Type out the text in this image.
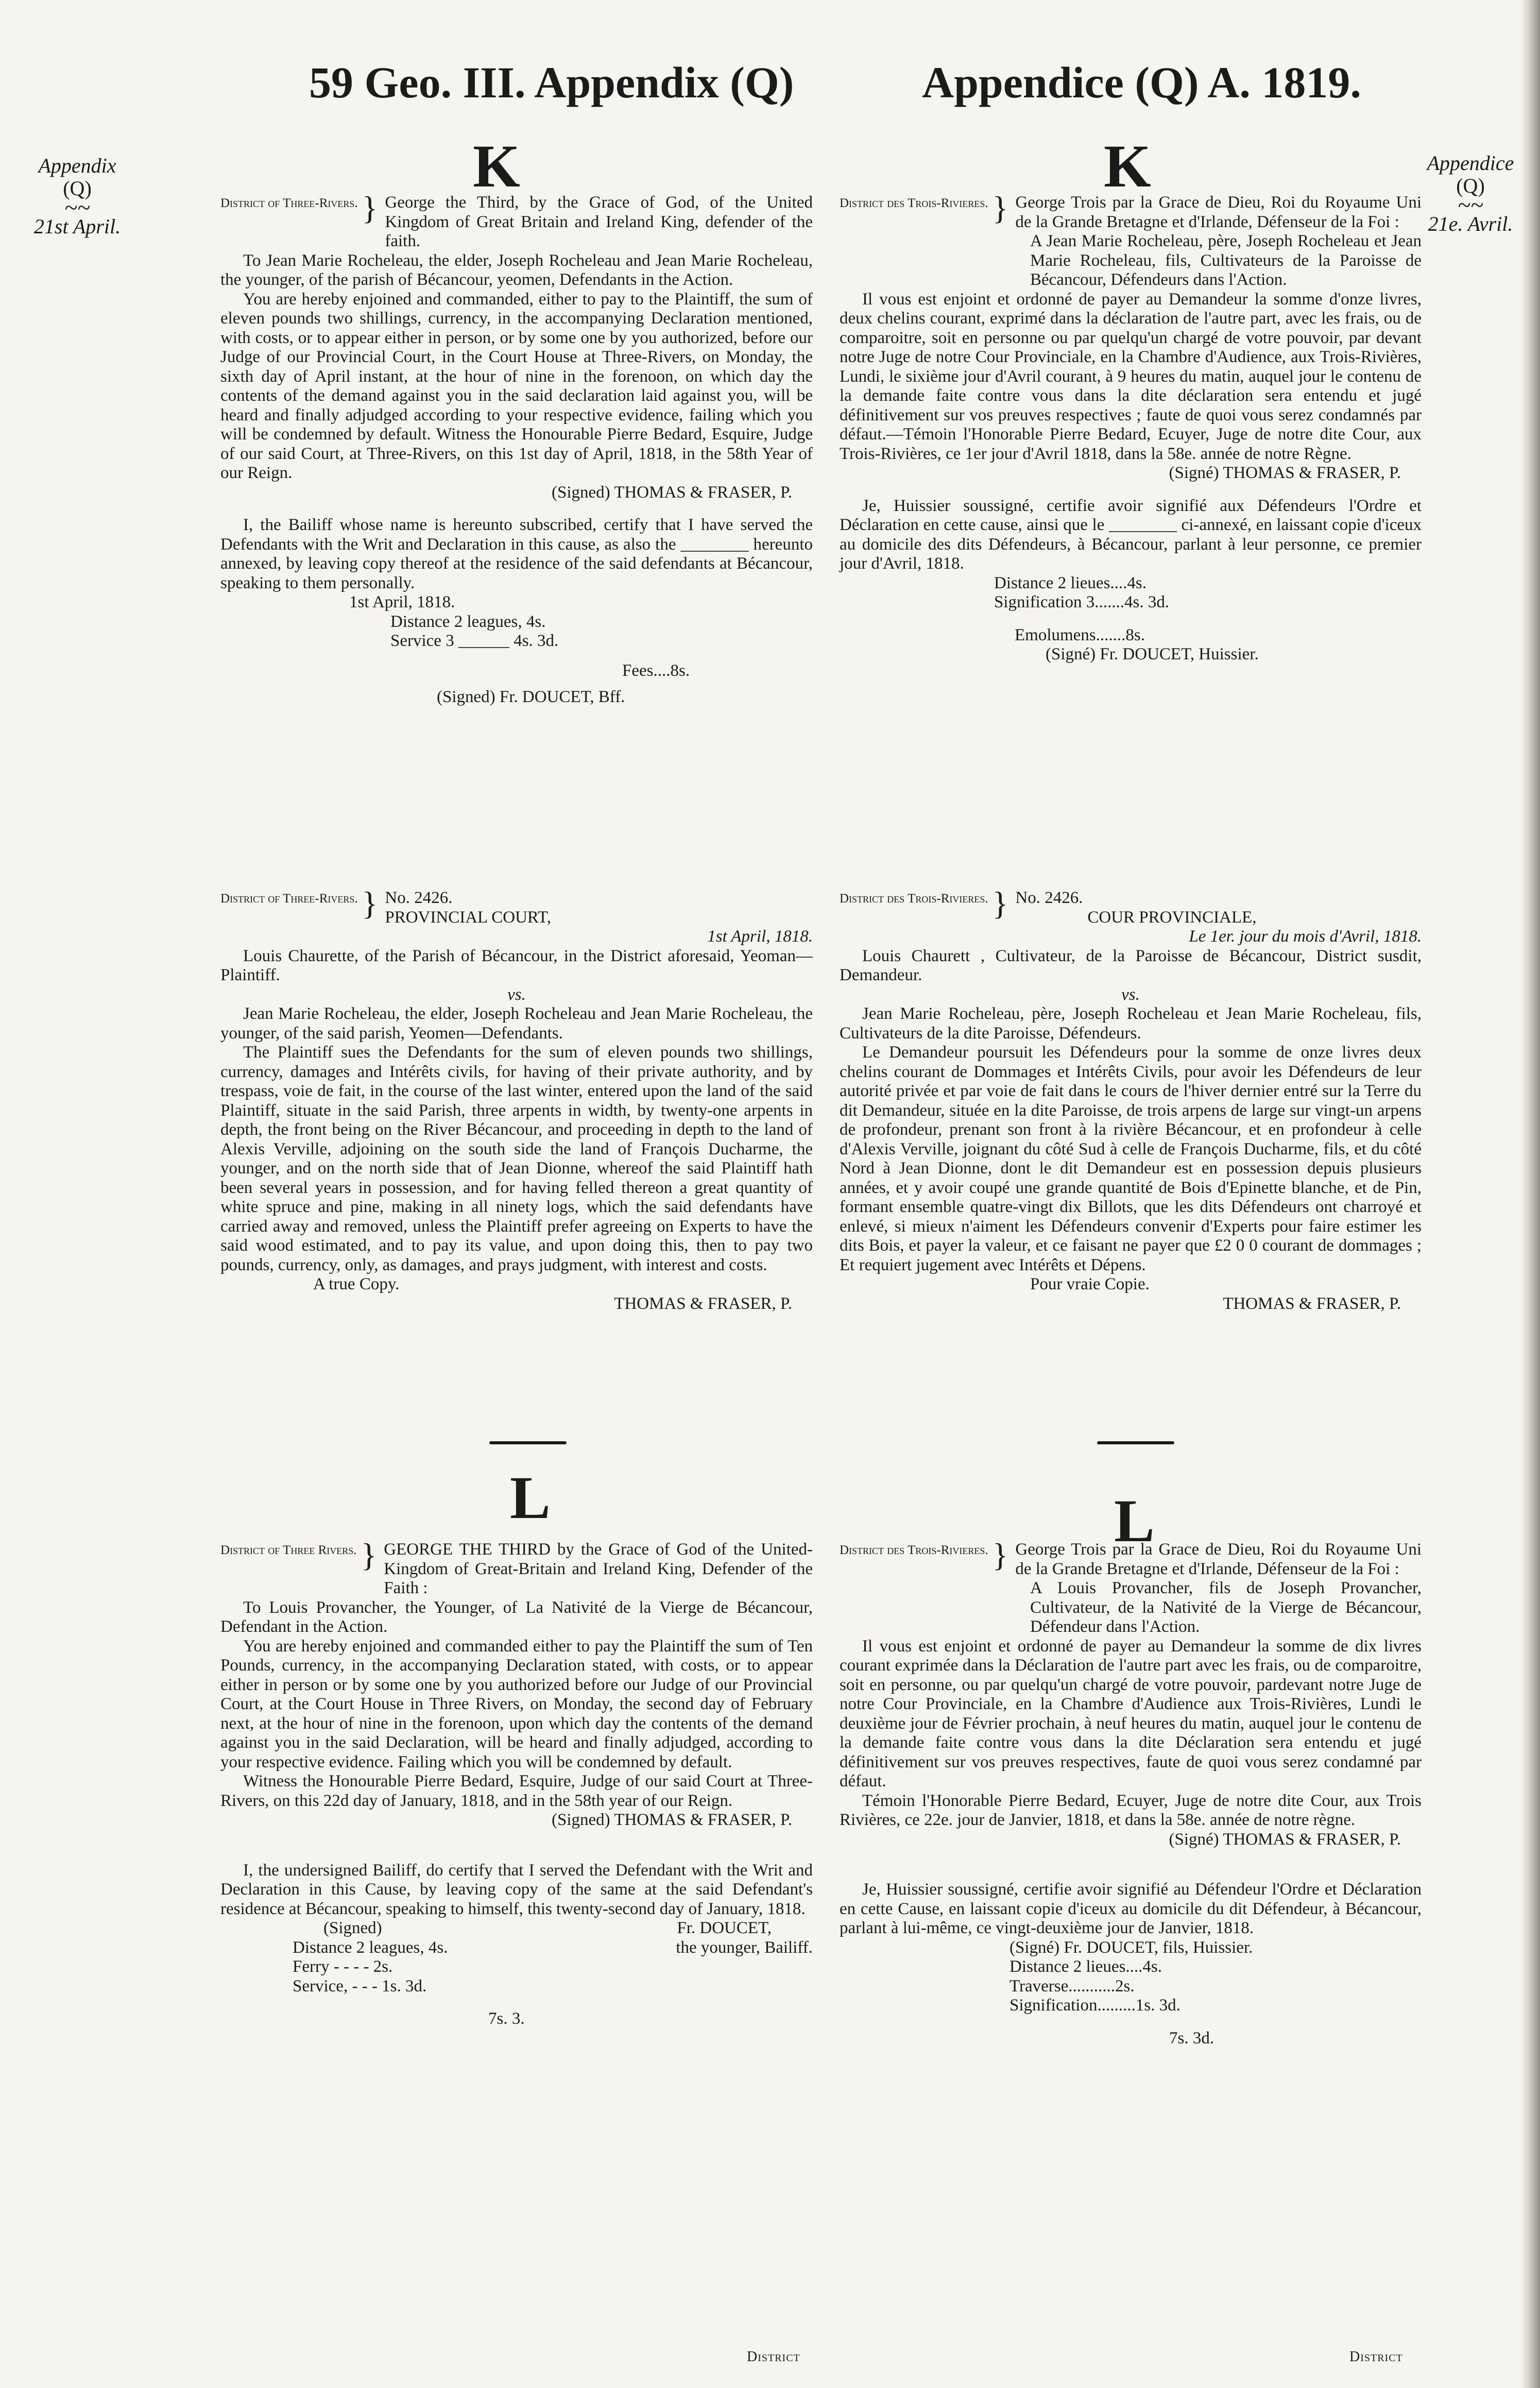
59 Geo. III. Appendix (Q)	Appendice (Q) A. 1819.
Appendix
(Q)
~~
21st April.
Appendice
(Q)
~~
21e. Avril.
K	K
District of Three-Rivers. } George the Third, by the Grace of God, of the United Kingdom of Great Britain and Ireland King, defender of the faith.

To Jean Marie Rocheleau, the elder, Joseph Rocheleau and Jean Marie Rocheleau, the younger, of the parish of Bécancour, yeomen, Defendants in the Action.

You are hereby enjoined and commanded, either to pay to the Plaintiff, the sum of eleven pounds two shillings, currency, in the accompanying Declaration mentioned, with costs, or to appear either in person, or by some one by you authorized, before our Judge of our Provincial Court, in the Court House at Three-Rivers, on Monday, the sixth day of April instant, at the hour of nine in the forenoon, on which day the contents of the demand against you in the said declaration laid against you, will be heard and finally adjudged according to your respective evidence, failing which you will be condemned by default. Witness the Honourable Pierre Bedard, Esquire, Judge of our said Court, at Three-Rivers, on this 1st day of April, 1818, in the 58th Year of our Reign.

(Signed) THOMAS & FRASER, P.

I, the Bailiff whose name is hereunto subscribed, certify that I have served the Defendants with the Writ and Declaration in this cause, as also the ________ hereunto annexed, by leaving copy thereof at the residence of the said defendants at Bécancour, speaking to them personally.

1st April, 1818.

Distance 2 leagues, 4s.

Service 3 ______ 4s. 3d.

Fees....8s.

(Signed) Fr. DOUCET, Bff.

District des Trois-Rivieres. } George Trois par la Grace de Dieu, Roi du Royaume Uni de la Grande Bretagne et d'Irlande, Défenseur de la Foi :

A Jean Marie Rocheleau, père, Joseph Rocheleau et Jean Marie Rocheleau, fils, Cultivateurs de la Paroisse de Bécancour, Défendeurs dans l'Action.

Il vous est enjoint et ordonné de payer au Demandeur la somme d'onze livres, deux chelins courant, exprimé dans la déclaration de l'autre part, avec les frais, ou de comparoitre, soit en personne ou par quelqu'un chargé de votre pouvoir, par devant notre Juge de notre Cour Provinciale, en la Chambre d'Audience, aux Trois-Rivières, Lundi, le sixième jour d'Avril courant, à 9 heures du matin, auquel jour le contenu de la demande faite contre vous dans la dite déclaration sera entendu et jugé définitivement sur vos preuves respectives ; faute de quoi vous serez condamnés par défaut.—Témoin l'Honorable Pierre Bedard, Ecuyer, Juge de notre dite Cour, aux Trois-Rivières, ce 1er jour d'Avril 1818, dans la 58e. année de notre Règne.

(Signé) THOMAS & FRASER, P.

Je, Huissier soussigné, certifie avoir signifié aux Défendeurs l'Ordre et Déclaration en cette cause, ainsi que le ________ ci-annexé, en laissant copie d'iceux au domicile des dits Défendeurs, à Bécancour, parlant à leur personne, ce premier jour d'Avril, 1818.

Distance 2 lieues....4s.

Signification 3.......4s. 3d.

Emolumens.......8s.

(Signé) Fr. DOUCET, Huissier.

District of Three-Rivers. } No. 2426.
PROVINCIAL COURT,
1st April, 1818.

Louis Chaurette, of the Parish of Bécancour, in the District aforesaid, Yeoman—Plaintiff.

vs.

Jean Marie Rocheleau, the elder, Joseph Rocheleau and Jean Marie Rocheleau, the younger, of the said parish, Yeomen—Defendants.

The Plaintiff sues the Defendants for the sum of eleven pounds two shillings, currency, damages and Intérêts civils, for having of their private authority, and by trespass, voie de fait, in the course of the last winter, entered upon the land of the said Plaintiff, situate in the said Parish, three arpents in width, by twenty-one arpents in depth, the front being on the River Bécancour, and proceeding in depth to the land of Alexis Verville, adjoining on the south side the land of François Ducharme, the younger, and on the north side that of Jean Dionne, whereof the said Plaintiff hath been several years in possession, and for having felled thereon a great quantity of white spruce and pine, making in all ninety logs, which the said defendants have carried away and removed, unless the Plaintiff prefer agreeing on Experts to have the said wood estimated, and to pay its value, and upon doing this, then to pay two pounds, currency, only, as damages, and prays judgment, with interest and costs.

A true Copy.

THOMAS & FRASER, P.

District des Trois-Rivieres. } No. 2426.
COUR PROVINCIALE,
Le 1er. jour du mois d'Avril, 1818.

Louis Chaurett , Cultivateur, de la Paroisse de Bécancour, District susdit, Demandeur.

vs.

Jean Marie Rocheleau, père, Joseph Rocheleau et Jean Marie Rocheleau, fils, Cultivateurs de la dite Paroisse, Défendeurs.

Le Demandeur poursuit les Défendeurs pour la somme de onze livres deux chelins courant de Dommages et Intérêts Civils, pour avoir les Défendeurs de leur autorité privée et par voie de fait dans le cours de l'hiver dernier entré sur la Terre du dit Demandeur, située en la dite Paroisse, de trois arpens de large sur vingt-un arpens de profondeur, prenant son front à la rivière Bécancour, et en profondeur à celle d'Alexis Verville, joignant du côté Sud à celle de François Ducharme, fils, et du côté Nord à Jean Dionne, dont le dit Demandeur est en possession depuis plusieurs années, et y avoir coupé une grande quantité de Bois d'Epinette blanche, et de Pin, formant ensemble quatre-vingt dix Billots, que les dits Défendeurs ont charroyé et enlevé, si mieux n'aiment les Défendeurs convenir d'Experts pour faire estimer les dits Bois, et payer la valeur, et ce faisant ne payer que £2 0 0 courant de dommages ; Et requiert jugement avec Intérêts et Dépens.

Pour vraie Copie.

THOMAS & FRASER, P.

L	L
District of Three Rivers. } GEORGE THE THIRD by the Grace of God of the United-Kingdom of Great-Britain and Ireland King, Defender of the Faith :

To Louis Provancher, the Younger, of La Nativité de la Vierge de Bécancour, Defendant in the Action.

You are hereby enjoined and commanded either to pay the Plaintiff the sum of Ten Pounds, currency, in the accompanying Declaration stated, with costs, or to appear either in person or by some one by you authorized before our Judge of our Provincial Court, at the Court House in Three Rivers, on Monday, the second day of February next, at the hour of nine in the forenoon, upon which day the contents of the demand against you in the said Declaration, will be heard and finally adjudged, according to your respective evidence. Failing which you will be condemned by default.

Witness the Honourable Pierre Bedard, Esquire, Judge of our said Court at Three-Rivers, on this 22d day of January, 1818, and in the 58th year of our Reign.

(Signed) THOMAS & FRASER, P.

I, the undersigned Bailiff, do certify that I served the Defendant with the Writ and Declaration in this Cause, by leaving copy of the same at the said Defendant's residence at Bécancour, speaking to himself, this twenty-second day of January, 1818.

(Signed)	Fr. DOUCET,
Distance 2 leagues, 4s.	the younger, Bailiff.

Ferry - - - - 2s.

Service, - - - 1s. 3d.

7s. 3.

District des Trois-Rivieres. } George Trois par la Grace de Dieu, Roi du Royaume Uni de la Grande Bretagne et d'Irlande, Défenseur de la Foi :

A Louis Provancher, fils de Joseph Provancher, Cultivateur, de la Nativité de la Vierge de Bécancour, Défendeur dans l'Action.

Il vous est enjoint et ordonné de payer au Demandeur la somme de dix livres courant exprimée dans la Déclaration de l'autre part avec les frais, ou de comparoitre, soit en personne, ou par quelqu'un chargé de votre pouvoir, pardevant notre Juge de notre Cour Provinciale, en la Chambre d'Audience aux Trois-Rivières, Lundi le deuxième jour de Février prochain, à neuf heures du matin, auquel jour le contenu de la demande faite contre vous dans la dite Déclaration sera entendu et jugé définitivement sur vos preuves respectives, faute de quoi vous serez condamné par défaut.

Témoin l'Honorable Pierre Bedard, Ecuyer, Juge de notre dite Cour, aux Trois Rivières, ce 22e. jour de Janvier, 1818, et dans la 58e. année de notre règne.

(Signé) THOMAS & FRASER, P.

Je, Huissier soussigné, certifie avoir signifié au Défendeur l'Ordre et Déclaration en cette Cause, en laissant copie d'iceux au domicile du dit Défendeur, à Bécancour, parlant à lui-même, ce vingt-deuxième jour de Janvier, 1818.

(Signé) Fr. DOUCET, fils, Huissier.

Distance 2 lieues....4s.

Traverse...........2s.

Signification.........1s. 3d.

7s. 3d.

District	District
